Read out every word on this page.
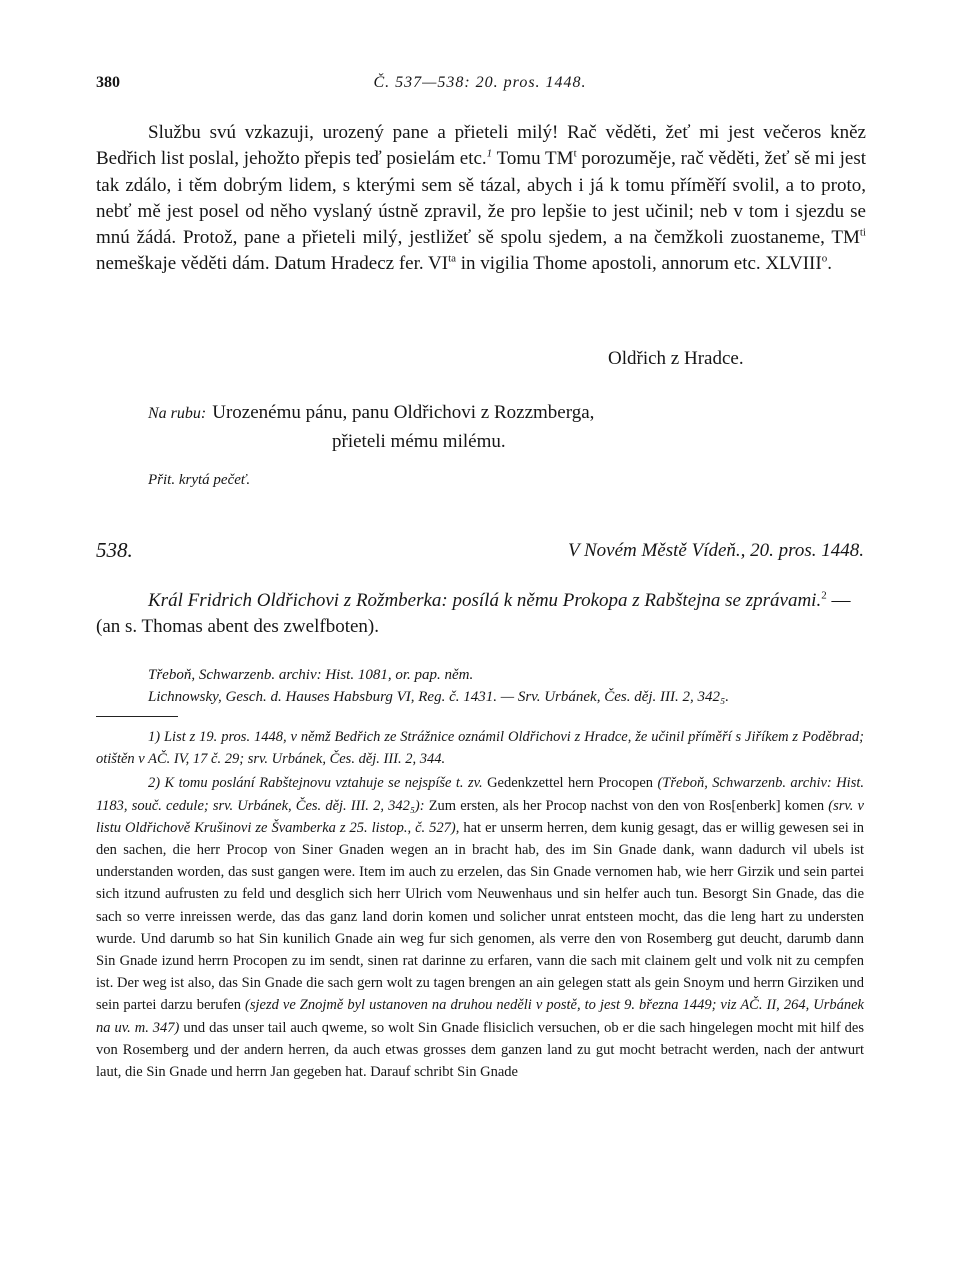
380	Č. 537—538: 20. pros. 1448.

Službu svú vzkazuji, urozený pane a přieteli milý! Rač věděti, žeť mi jest večeros kněz Bedřich list poslal, jehožto přepis teď posielám etc.$^1$ Tomu $TM^t$ porozuměje, rač věděti, žeť sě mi jest tak zdálo, i těm dobrým lidem, s kterými sem sě tázal, abych i já k tomu příměří svolil, a to proto, nebť mě jest posel od něho vyslaný ústně zpravil, že pro lepšie to jest učinil; neb v tom i sjezdu se mnú žádá. Protož, pane a přieteli milý, jestližeť sě spolu sjedem, a na čemžkoli zuostaneme, $TM^{ti}$ nemeškaje věděti dám. Datum Hradecz fer. $VI^{ta}$ in vigilia Thome apostoli, annorum etc. XLVIII$^o$.

Oldřich z Hradce.
Na rubu: Urozenému pánu, panu Oldřichovi z Rozzmberga,
přieteli mému milému.
Přit. krytá pečeť.
538.	V Novém Městě Vídeň., 20. pros. 1448.

Král Fridrich Oldřichovi z Rožmberka: posílá k němu Prokopa z Rabštejna se zprávami.$^2$ — (an s. Thomas abent des zwelfboten).

Třeboň, Schwarzenb. archiv: Hist. 1081, or. pap. něm.
Lichnowsky, Gesch. d. Hauses Habsburg VI, Reg. č. 1431. — Srv. Urbánek, Čes. děj. III. 2, 342₅.

1) List z 19. pros. 1448, v němž Bedřich ze Strážnice oznámil Oldřichovi z Hradce, že učinil příměří s Jiříkem z Poděbrad; otištěn v AČ. IV, 17 č. 29; srv. Urbánek, Čes. děj. III. 2, 344.

2) K tomu poslání Rabštejnovu vztahuje se nejspíše t. zv. Gedenkzettel hern Procopen (Třeboň, Schwarzenb. archiv: Hist. 1183, souč. cedule; srv. Urbánek, Čes. děj. III. 2, 342₅): Zum ersten, als her Procop nachst von den von Ros[enberk] komen (srv. v listu Oldřichově Krušinovi ze Švamberka z 25. listop., č. 527), hat er unserm herren, dem kunig gesagt, das er willig gewesen sei in den sachen, die herr Procop von Siner Gnaden wegen an in bracht hab, des im Sin Gnade dank, wann dadurch vil ubels ist understanden worden, das sust gangen were. Item im auch zu erzelen, das Sin Gnade vernomen hab, wie herr Girzik und sein partei sich itzund aufrusten zu feld und desglich sich herr Ulrich vom Neuwenhaus und sin helfer auch tun. Besorgt Sin Gnade, das die sach so verre inreissen werde, das das ganz land dorin komen und solicher unrat entsteen mocht, das die leng hart zu understen wurde. Und darumb so hat Sin kunilich Gnade ain weg fur sich genomen, als verre den von Rosemberg gut deucht, darumb dann Sin Gnade izund herrn Procopen zu im sendt, sinen rat darinne zu erfaren, vann die sach mit clainem gelt und volk nit zu cempfen ist. Der weg ist also, das Sin Gnade die sach gern wolt zu tagen brengen an ain gelegen statt als gein Snoym und herrn Girziken und sein partei darzu berufen (sjezd ve Znojmě byl ustanoven na druhou neděli v postě, to jest 9. března 1449; viz AČ. II, 264, Urbánek na uv. m. 347) und das unser tail auch qweme, so wolt Sin Gnade flisiclich versuchen, ob er die sach hingelegen mocht mit hilf des von Rosemberg und der andern herren, da auch etwas grosses dem ganzen land zu gut mocht betracht werden, nach der antwurt laut, die Sin Gnade und herrn Jan gegeben hat. Darauf schribt Sin Gnade
